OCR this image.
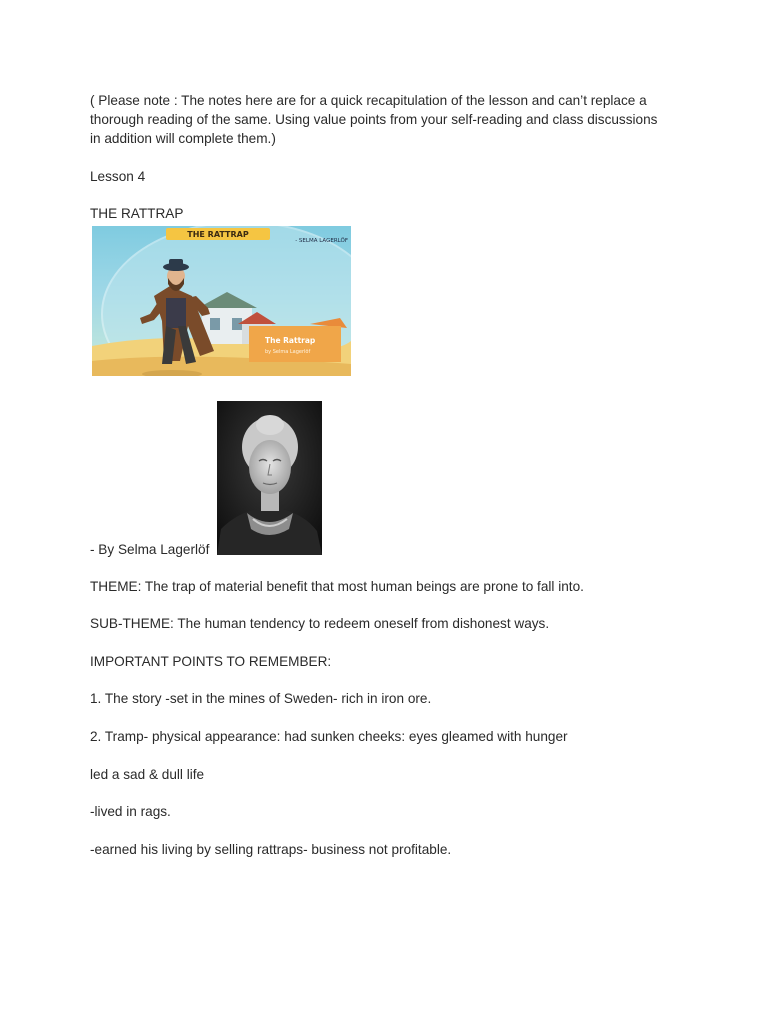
( Please note : The notes here are for a quick recapitulation of the lesson and can’t replace a
thorough reading of the same. Using value points from your self-reading and class discussions
in addition will complete them.)
Lesson 4
THE RATTRAP
THE RATTRAP
- SELMA LAGERLÖF
The Rattrap
by Selma Lagerlöf
- By Selma Lagerlöf
THEME: The trap of material benefit that most human beings are prone to fall into.
SUB-THEME: The human tendency to redeem oneself from dishonest ways.
IMPORTANT POINTS TO REMEMBER:
1. The story -set in the mines of Sweden- rich in iron ore.
2. Tramp- physical appearance: had sunken cheeks: eyes gleamed with hunger
led a sad & dull life
-lived in rags.
-earned his living by selling rattraps- business not profitable.
